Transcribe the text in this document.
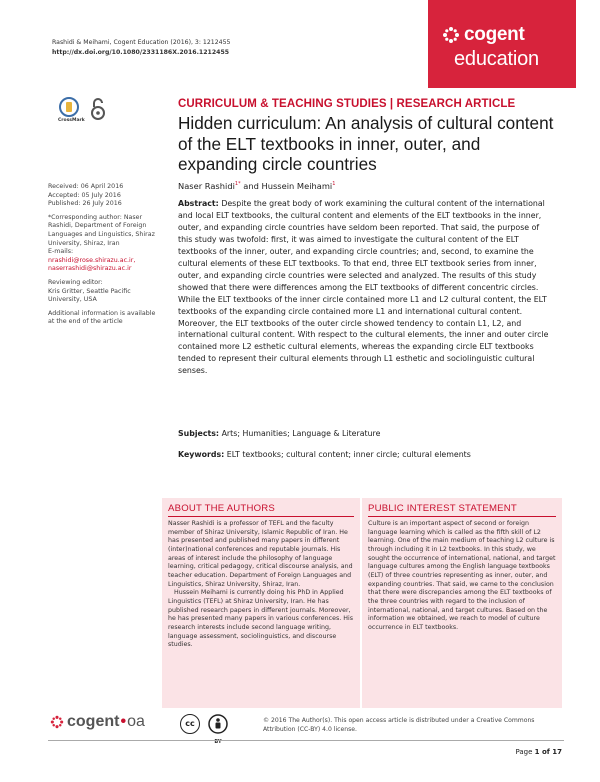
Rashidi & Meihami, Cogent Education (2016), 3: 1212455
http://dx.doi.org/10.1080/2331186X.2016.1212455
cogent
education
CrossMark
Received: 06 April 2016
Accepted: 05 July 2016
Published: 26 July 2016
*Corresponding author: Naser Rashidi, Department of Foreign Languages and Linguistics, Shiraz University, Shiraz, Iran
E-mails: nrashidi@rose.shirazu.ac.ir,
naserrashidi@shirazu.ac.ir
Reviewing editor:
Kris Gritter, Seattle Pacific University, USA
Additional information is available at the end of the article
CURRICULUM & TEACHING STUDIES | RESEARCH ARTICLE
Hidden curriculum: An analysis of cultural content of the ELT textbooks in inner, outer, and expanding circle countries
Naser Rashidi$^{1*}$ and Hussein Meihami$^1$
Abstract: Despite the great body of work examining the cultural content of the international and local ELT textbooks, the cultural content and elements of the ELT textbooks in the inner, outer, and expanding circle countries have seldom been reported. That said, the purpose of this study was twofold: first, it was aimed to investigate the cultural content of the ELT textbooks of the inner, outer, and expanding circle countries; and, second, to examine the cultural elements of these ELT textbooks. To that end, three ELT textbook series from inner, outer, and expanding circle countries were selected and analyzed. The results of this study showed that there were differences among the ELT textbooks of different concentric circles. While the ELT textbooks of the inner circle contained more L1 and L2 cultural content, the ELT textbooks of the expanding circle contained more L1 and international cultural content. Moreover, the ELT textbooks of the outer circle showed tendency to contain L1, L2, and international cultural content. With respect to the cultural elements, the inner and outer circle contained more L2 esthetic cultural elements, whereas the expanding circle ELT textbooks tended to represent their cultural elements through L1 esthetic and sociolinguistic cultural senses.
Subjects: Arts; Humanities; Language & Literature
Keywords: ELT textbooks; cultural content; inner circle; cultural elements
ABOUT THE AUTHORS
Nasser Rashidi is a professor of TEFL and the faculty member of Shiraz University, Islamic Republic of Iran. He has presented and published many papers in different (inter)national conferences and reputable journals. His areas of interest include the philosophy of language learning, critical pedagogy, critical discourse analysis, and teacher education. Department of Foreign Languages and Linguistics, Shiraz University, Shiraz, Iran.
Hussein Meihami is currently doing his PhD in Applied Linguistics (TEFL) at Shiraz University, Iran. He has published research papers in different journals. Moreover, he has presented many papers in various conferences. His research interests include second language writing, language assessment, sociolinguistics, and discourse studies.
PUBLIC INTEREST STATEMENT
Culture is an important aspect of second or foreign language learning which is called as the fifth skill of L2 learning. One of the main medium of teaching L2 culture is through including it in L2 textbooks. In this study, we sought the occurrence of international, national, and target language cultures among the English language textbooks (ELT) of three countries representing as inner, outer, and expanding countries. That said, we came to the conclusion that there were discrepancies among the ELT textbooks of the three countries with regard to the inclusion of international, national, and target cultures. Based on the information we obtained, we reach to model of culture occurrence in ELT textbooks.
cogent • oa	cc
BY
© 2016 The Author(s). This open access article is distributed under a Creative Commons Attribution (CC-BY) 4.0 license.
Page 1 of 17
